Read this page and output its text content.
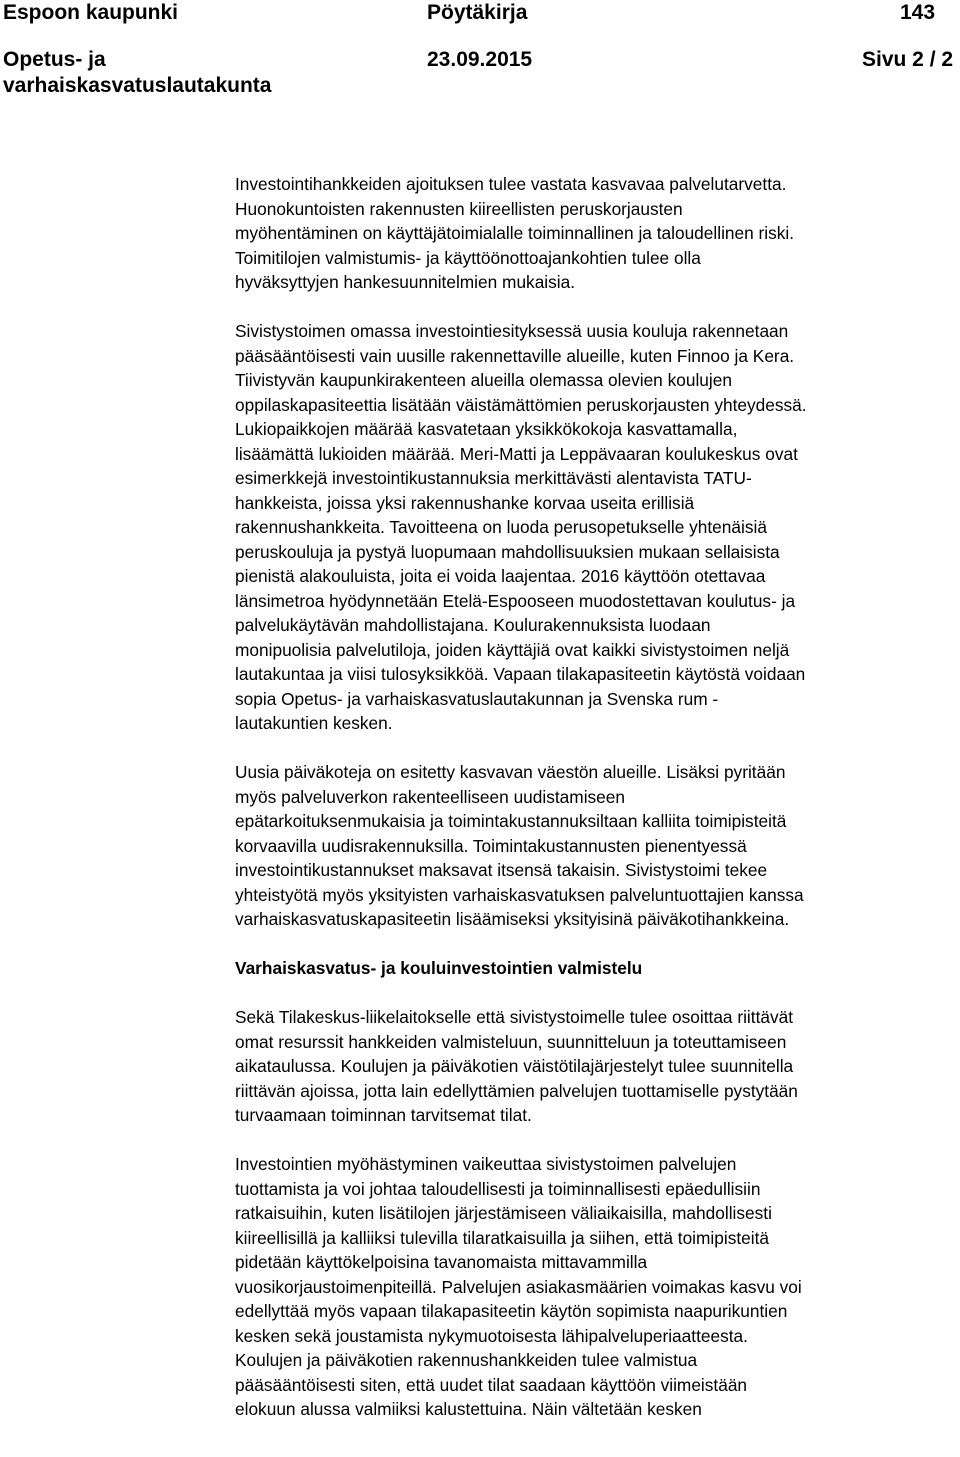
Espoon kaupunki	Pöytäkirja	143
Opetus- ja
varhaiskasvatuslautakunta
23.09.2015	Sivu 2 / 2

Investointihankkeiden ajoituksen tulee vastata kasvavaa palvelutarvetta.
Huonokuntoisten rakennusten kiireellisten peruskorjausten
myöhentäminen on käyttäjätoimialalle toiminnallinen ja taloudellinen riski.
Toimitilojen valmistumis- ja käyttöönottoajankohtien tulee olla
hyväksyttyjen hankesuunnitelmien mukaisia.

Sivistystoimen omassa investointiesityksessä uusia kouluja rakennetaan
pääsääntöisesti vain uusille rakennettaville alueille, kuten Finnoo ja Kera.
Tiivistyvän kaupunkirakenteen alueilla olemassa olevien koulujen
oppilaskapasiteettia lisätään väistämättömien peruskorjausten yhteydessä.
Lukiopaikkojen määrää kasvatetaan yksikkökokoja kasvattamalla,
lisäämättä lukioiden määrää. Meri-Matti ja Leppävaaran koulukeskus ovat
esimerkkejä investointikustannuksia merkittävästi alentavista TATU-
hankkeista, joissa yksi rakennushanke korvaa useita erillisiä
rakennushankkeita. Tavoitteena on luoda perusopetukselle yhtenäisiä
peruskouluja ja pystyä luopumaan mahdollisuuksien mukaan sellaisista
pienistä alakouluista, joita ei voida laajentaa. 2016 käyttöön otettavaa
länsimetroa hyödynnetään Etelä-Espooseen muodostettavan koulutus- ja
palvelukäytävän mahdollistajana. Koulurakennuksista luodaan
monipuolisia palvelutiloja, joiden käyttäjiä ovat kaikki sivistystoimen neljä
lautakuntaa ja viisi tulosyksikköä. Vapaan tilakapasiteetin käytöstä voidaan
sopia Opetus- ja varhaiskasvatuslautakunnan ja Svenska rum -
lautakuntien kesken.

Uusia päiväkoteja on esitetty kasvavan väestön alueille. Lisäksi pyritään
myös palveluverkon rakenteelliseen uudistamiseen
epätarkoituksenmukaisia ja toimintakustannuksiltaan kalliita toimipisteitä
korvaavilla uudisrakennuksilla. Toimintakustannusten pienentyessä
investointikustannukset maksavat itsensä takaisin. Sivistystoimi tekee
yhteistyötä myös yksityisten varhaiskasvatuksen palveluntuottajien kanssa
varhaiskasvatuskapasiteetin lisäämiseksi yksityisinä päiväkotihankkeina.

Varhaiskasvatus- ja kouluinvestointien valmistelu

Sekä Tilakeskus-liikelaitokselle että sivistystoimelle tulee osoittaa riittävät
omat resurssit hankkeiden valmisteluun, suunnitteluun ja toteuttamiseen
aikataulussa. Koulujen ja päiväkotien väistötilajärjestelyt tulee suunnitella
riittävän ajoissa, jotta lain edellyttämien palvelujen tuottamiselle pystytään
turvaamaan toiminnan tarvitsemat tilat.

Investointien myöhästyminen vaikeuttaa sivistystoimen palvelujen
tuottamista ja voi johtaa taloudellisesti ja toiminnallisesti epäedullisiin
ratkaisuihin, kuten lisätilojen järjestämiseen väliaikaisilla, mahdollisesti
kiireellisillä ja kalliiksi tulevilla tilaratkaisuilla ja siihen, että toimipisteitä
pidetään käyttökelpoisina tavanomaista mittavammilla
vuosikorjaustoimenpiteillä. Palvelujen asiakasmäärien voimakas kasvu voi
edellyttää myös vapaan tilakapasiteetin käytön sopimista naapurikuntien
kesken sekä joustamista nykymuotoisesta lähipalveluperiaatteesta.
Koulujen ja päiväkotien rakennushankkeiden tulee valmistua
pääsääntöisesti siten, että uudet tilat saadaan käyttöön viimeistään
elokuun alussa valmiiksi kalustettuina. Näin vältetään kesken
